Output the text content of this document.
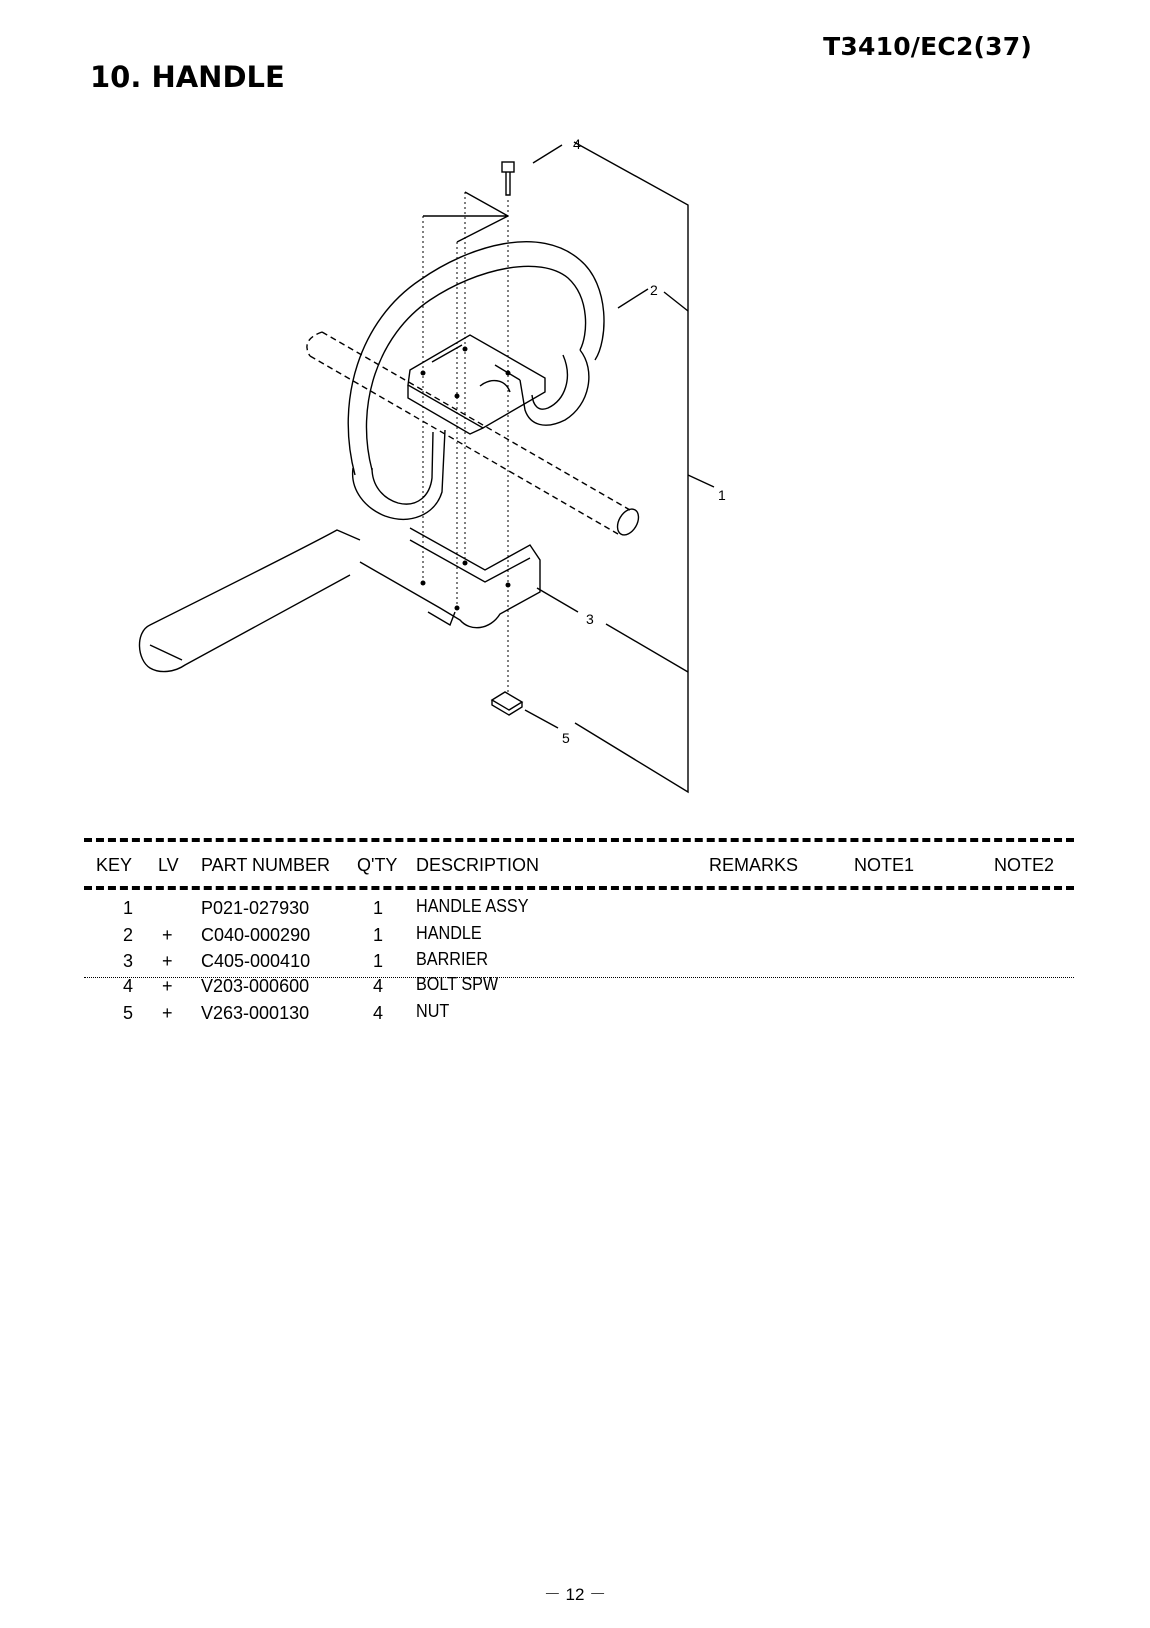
T3410/EC2(37)
10. HANDLE
1
2
3
4
5
KEY LV PART NUMBER Q'TY DESCRIPTION	REMARKS	NOTE1	NOTE2
1	P021-027930	1 HANDLE ASSY
2 + C040-000290	1 HANDLE
3 + C405-000410	1 BARRIER
4 + V203-000600	4 BOLT SPW
5 + V263-000130	4 NUT
－ 12 －
